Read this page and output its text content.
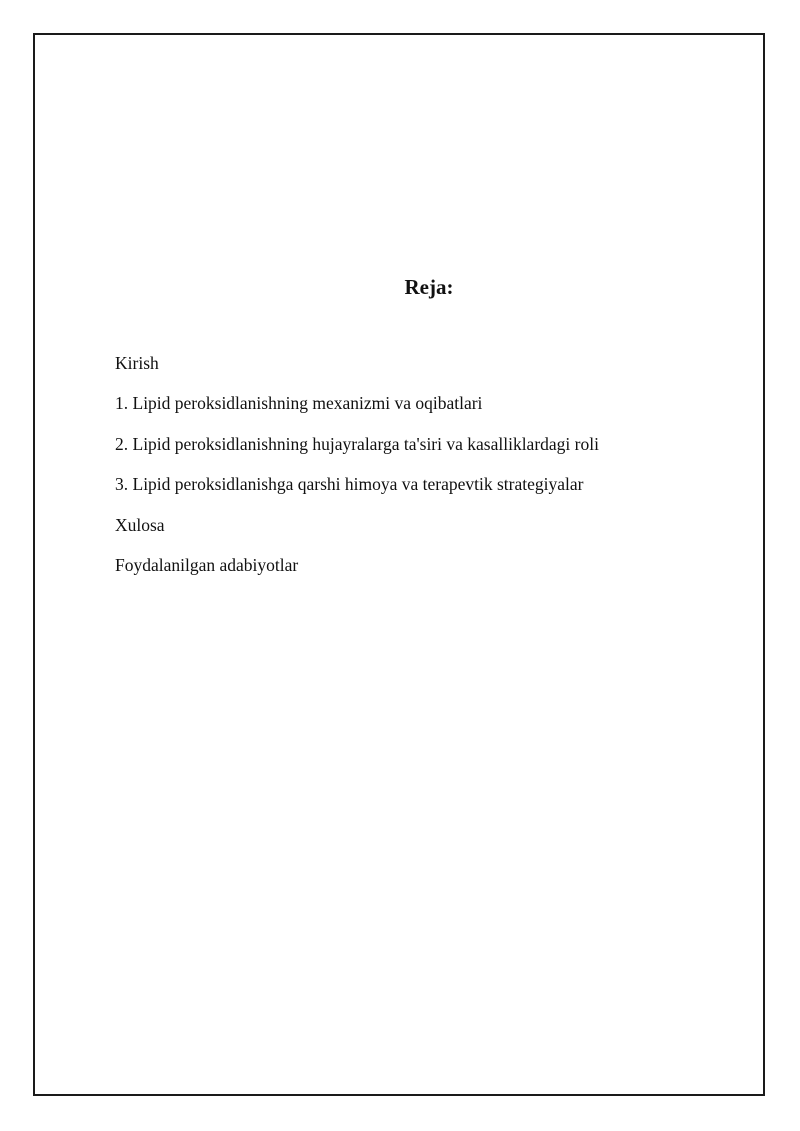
Reja:
Kirish
1. Lipid peroksidlanishning mexanizmi va oqibatlari
2. Lipid peroksidlanishning hujayralarga ta'siri va kasalliklardagi roli
3. Lipid peroksidlanishga qarshi himoya va terapevtik strategiyalar
Xulosa
Foydalanilgan adabiyotlar
